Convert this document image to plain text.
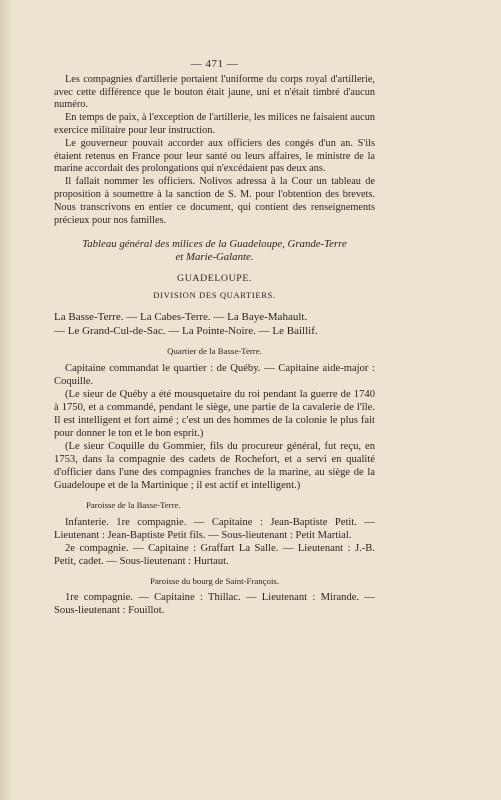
— 471 —

Les compagnies d'artillerie portaient l'uniforme du corps royal d'artillerie, avec cette différence que le bouton était jaune, uni et n'était timbré d'aucun numéro.

En temps de paix, à l'exception de l'artillerie, les milices ne faisaient aucun exercice militaire pour leur instruction.

Le gouverneur pouvait accorder aux officiers des congés d'un an. S'ils étaient retenus en France pour leur santé ou leurs affaires, le ministre de la marine accordait des prolongations qui n'excédaient pas deux ans.

Il fallait nommer les officiers. Nolivos adressa à la Cour un tableau de proposition à soumettre à la sanction de S. M. pour l'obtention des brevets. Nous transcrivons en entier ce document, qui contient des renseignements précieux pour nos familles.

Tableau général des milices de la Guadeloupe, Grande-Terre
et Marie-Galante.

GUADELOUPE.

DIVISION DES QUARTIERS.

La Basse-Terre. — La Cabes-Terre. — La Baye-Mahault.
— Le Grand-Cul-de-Sac. — La Pointe-Noire. — Le Baillif.

Quartier de la Basse-Terre.

Capitaine commandat le quartier : de Québy. — Capitaine aide-major : Coquille.

(Le sieur de Québy a été mousquetaire du roi pendant la guerre de 1740 à 1750, et a commandé, pendant le siège, une partie de la cavalerie de l'île. Il est intelligent et fort aimé ; c'est un des hommes de la colonie le plus fait pour donner le ton et le bon esprit.)

(Le sieur Coquille du Gommier, fils du procureur général, fut reçu, en 1753, dans la compagnie des cadets de Rochefort, et a servi en qualité d'officier dans l'une des compagnies franches de la marine, au siège de la Guadeloupe et de la Martinique ; il est actif et intelligent.)

Paroisse de la Basse-Terre.

Infanterie. 1re compagnie. — Capitaine : Jean-Baptiste Petit. — Lieutenant : Jean-Baptiste Petit fils. — Sous-lieutenant : Petit Martial.

2e compagnie. — Capitaine : Graffart La Salle. — Lieutenant : J.-B. Petit, cadet. — Sous-lieutenant : Hurtaut.

Paroisse du bourg de Saint-François.

1re compagnie. — Capitaine : Thillac. — Lieutenant : Mirande. — Sous-lieutenant : Fouillot.
